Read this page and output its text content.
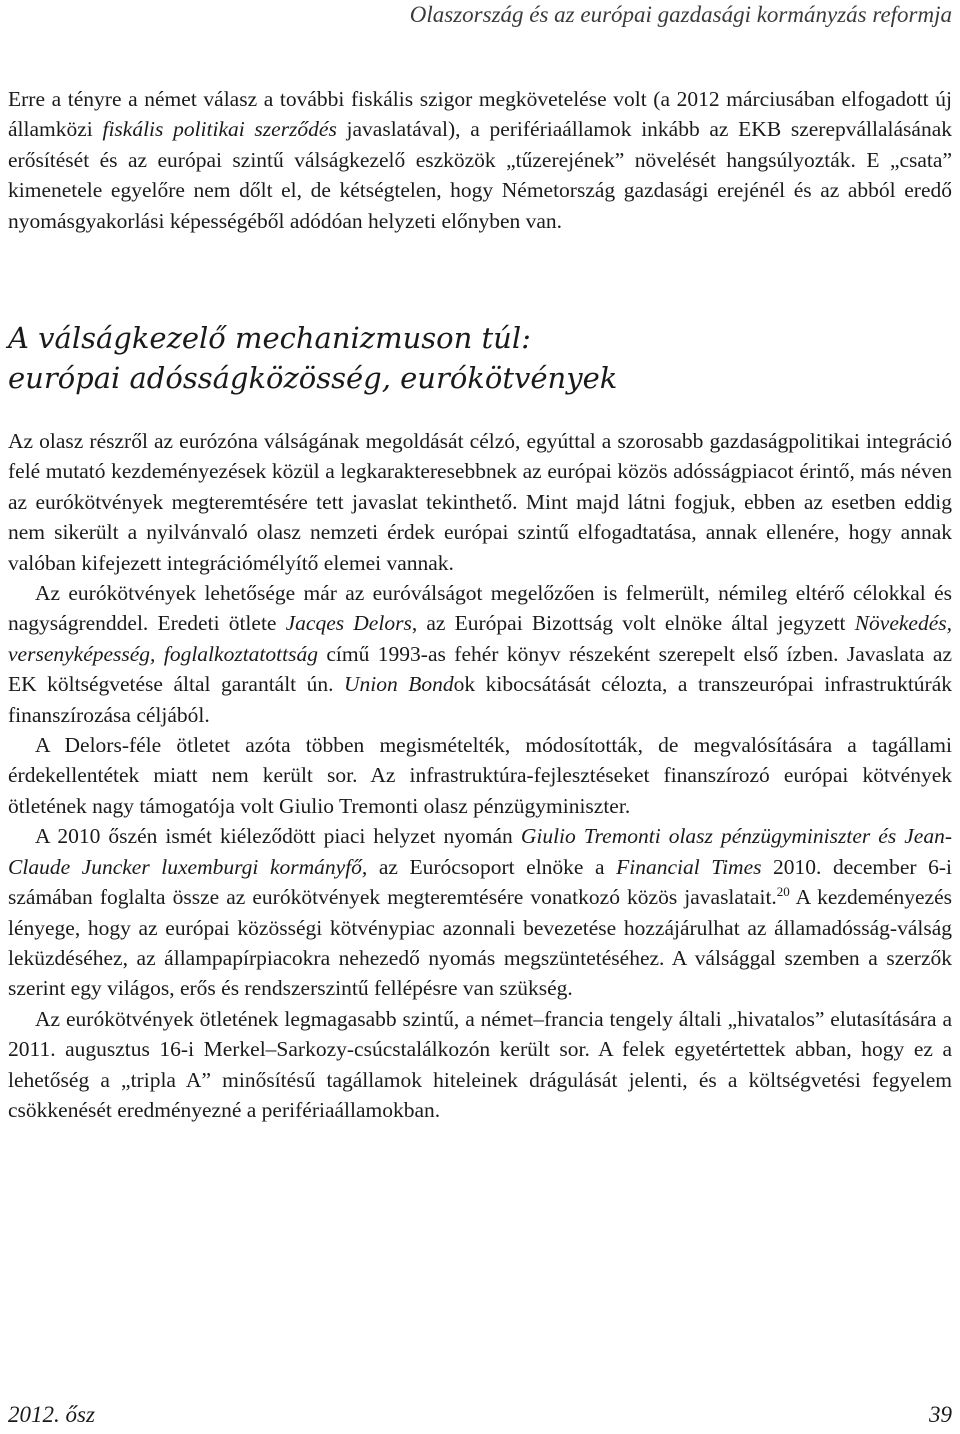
Olaszország és az európai gazdasági kormányzás reformja

Erre a tényre a német válasz a további fiskális szigor megkövetelése volt (a 2012 márciusában elfogadott új államközi fiskális politikai szerződés javaslatával), a perifériaállamok inkább az EKB szerepvállalásának erősítését és az európai szintű válságkezelő eszközök „tűzerejének” növelését hangsúlyozták. E „csata” kimenetele egyelőre nem dőlt el, de kétségtelen, hogy Németország gazdasági erejénél és az abból eredő nyomásgyakorlási képességéből adódóan helyzeti előnyben van.

A válságkezelő mechanizmuson túl:
európai adósságközösség, eurókötvények

Az olasz részről az eurózóna válságának megoldását célzó, egyúttal a szorosabb gazdaságpolitikai integráció felé mutató kezdeményezések közül a legkarakteresebbnek az európai közös adósságpiacot érintő, más néven az eurókötvények megteremtésére tett javaslat tekinthető. Mint majd látni fogjuk, ebben az esetben eddig nem sikerült a nyilvánvaló olasz nemzeti érdek európai szintű elfogadtatása, annak ellenére, hogy annak valóban kifejezett integrációmélyítő elemei vannak.

Az eurókötvények lehetősége már az euróválságot megelőzően is felmerült, némileg eltérő célokkal és nagyságrenddel. Eredeti ötlete Jacqes Delors, az Európai Bizottság volt elnöke által jegyzett Növekedés, versenyképesség, foglalkoztatottság című 1993-as fehér könyv részeként szerepelt első ízben. Javaslata az EK költségvetése által garantált ún. Union Bondok kibocsátását célozta, a transzeurópai infrastruktúrák finanszírozása céljából.

A Delors-féle ötletet azóta többen megismételték, módosították, de megvalósítására a tagállami érdekellentétek miatt nem került sor. Az infrastruktúra-fejlesztéseket finanszírozó európai kötvények ötletének nagy támogatója volt Giulio Tremonti olasz pénzügyminiszter.

A 2010 őszén ismét kiéleződött piaci helyzet nyomán Giulio Tremonti olasz pénzügyminiszter és Jean-Claude Juncker luxemburgi kormányfő, az Eurócsoport elnöke a Financial Times 2010. december 6-i számában foglalta össze az eurókötvények megteremtésére vonatkozó közös javaslatait.$^{20}$ A kezdeményezés lényege, hogy az európai közösségi kötvénypiac azonnali bevezetése hozzájárulhat az államadósság-válság leküzdéséhez, az állampapírpiacokra nehezedő nyomás megszüntetéséhez. A válsággal szemben a szerzők szerint egy világos, erős és rendszerszintű fellépésre van szükség.

Az eurókötvények ötletének legmagasabb szintű, a német–francia tengely általi „hivatalos” elutasítására a 2011. augusztus 16-i Merkel–Sarkozy-csúcstalálkozón került sor. A felek egyetértettek abban, hogy ez a lehetőség a „tripla A” minősítésű tagállamok hiteleinek drágulását jelenti, és a költségvetési fegyelem csökkenését eredményezné a perifériaállamokban.

2012. ősz	39
